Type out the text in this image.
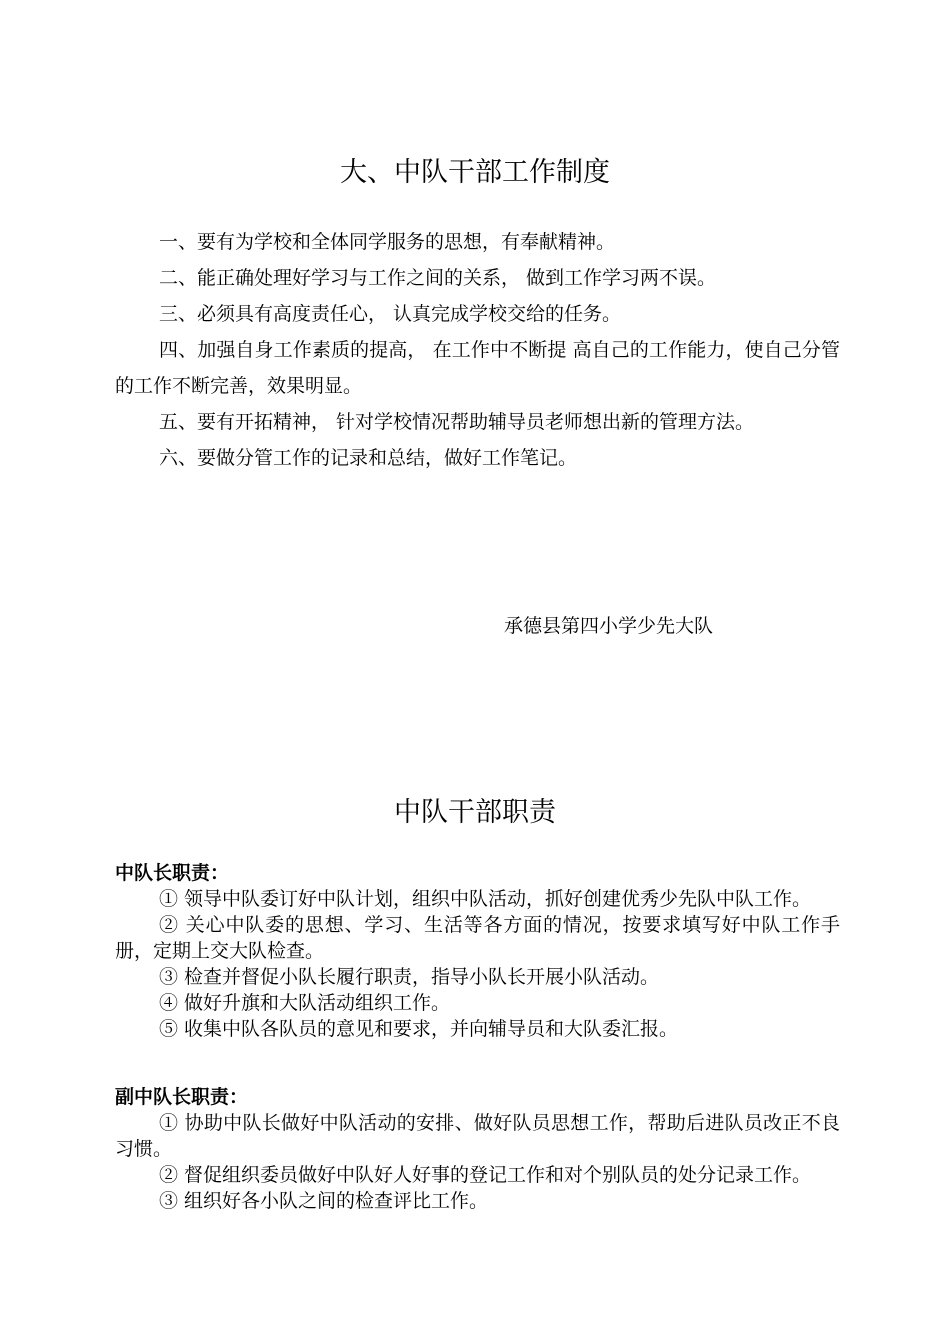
大、中队干部工作制度

一、要有为学校和全体同学服务的思想，有奉献精神。

二、能正确处理好学习与工作之间的关系， 做到工作学习两不误。

三、必须具有高度责任心， 认真完成学校交给的任务。

四、加强自身工作素质的提高， 在工作中不断提 高自己的工作能力，使自己分管的工作不断完善，效果明显。

五、要有开拓精神， 针对学校情况帮助辅导员老师想出新的管理方法。

六、要做分管工作的记录和总结，做好工作笔记。

承德县第四小学少先大队
中队干部职责

中队长职责：

① 领导中队委订好中队计划，组织中队活动，抓好创建优秀少先队中队工作。
② 关心中队委的思想、学习、生活等各方面的情况，按要求填写好中队工作手册，定期上交大队检查。
③ 检查并督促小队长履行职责，指导小队长开展小队活动。
④ 做好升旗和大队活动组织工作。
⑤ 收集中队各队员的意见和要求，并向辅导员和大队委汇报。

副中队长职责：

① 协助中队长做好中队活动的安排、做好队员思想工作，帮助后进队员改正不良习惯。
② 督促组织委员做好中队好人好事的登记工作和对个别队员的处分记录工作。
③ 组织好各小队之间的检查评比工作。
